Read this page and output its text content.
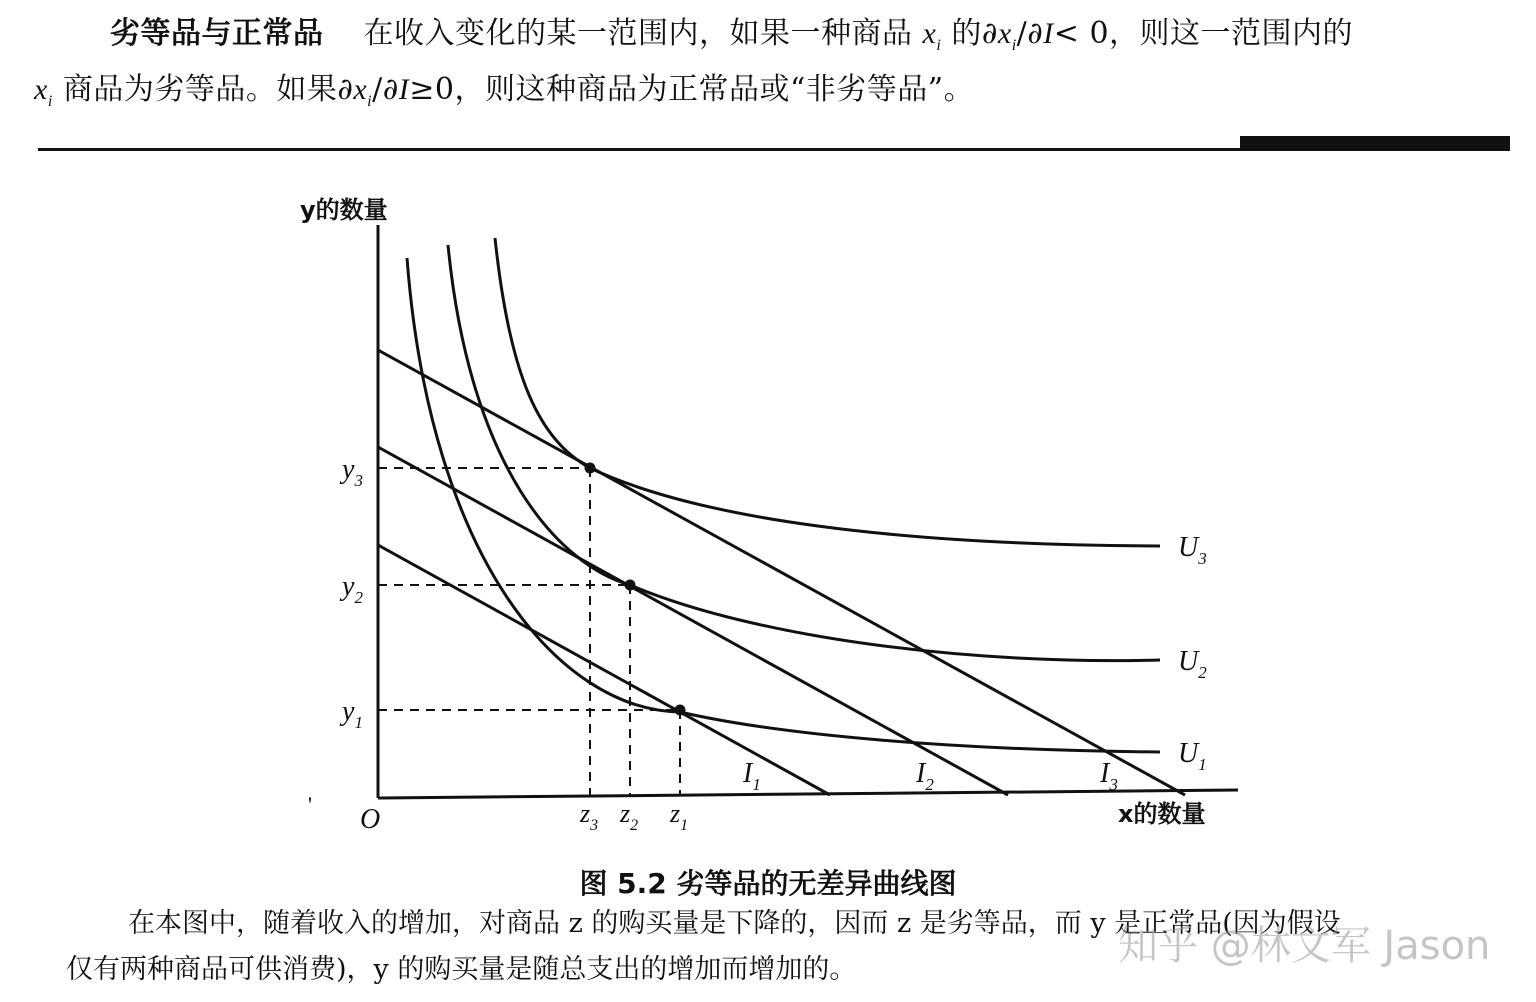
劣等品与正常品 在收入变化的某一范围内，如果一种商品 $x_i$ 的$\partial x_i/\partial I< 0$，则这一范围内的
$x_i$ 商品为劣等品。如果$\partial x_i/\partial I\ge 0$，则这种商品为正常品或“非劣等品”。
$U_1$
$U_2$
$U_3$
$I_1$	$I_2$	$I_3$
$y_3$
$y_2$
$y_1$
$z_3$ $z_2$ $z_1$
y的数量
x的数量
O
'
图 5.2 劣等品的无差异曲线图
在本图中，随着收入的增加，对商品 z 的购买量是下降的，因而 z 是劣等品，而 y 是正常品(因为假设
仅有两种商品可供消费)，y 的购买量是随总支出的增加而增加的。
知乎 @林文军 Jason
